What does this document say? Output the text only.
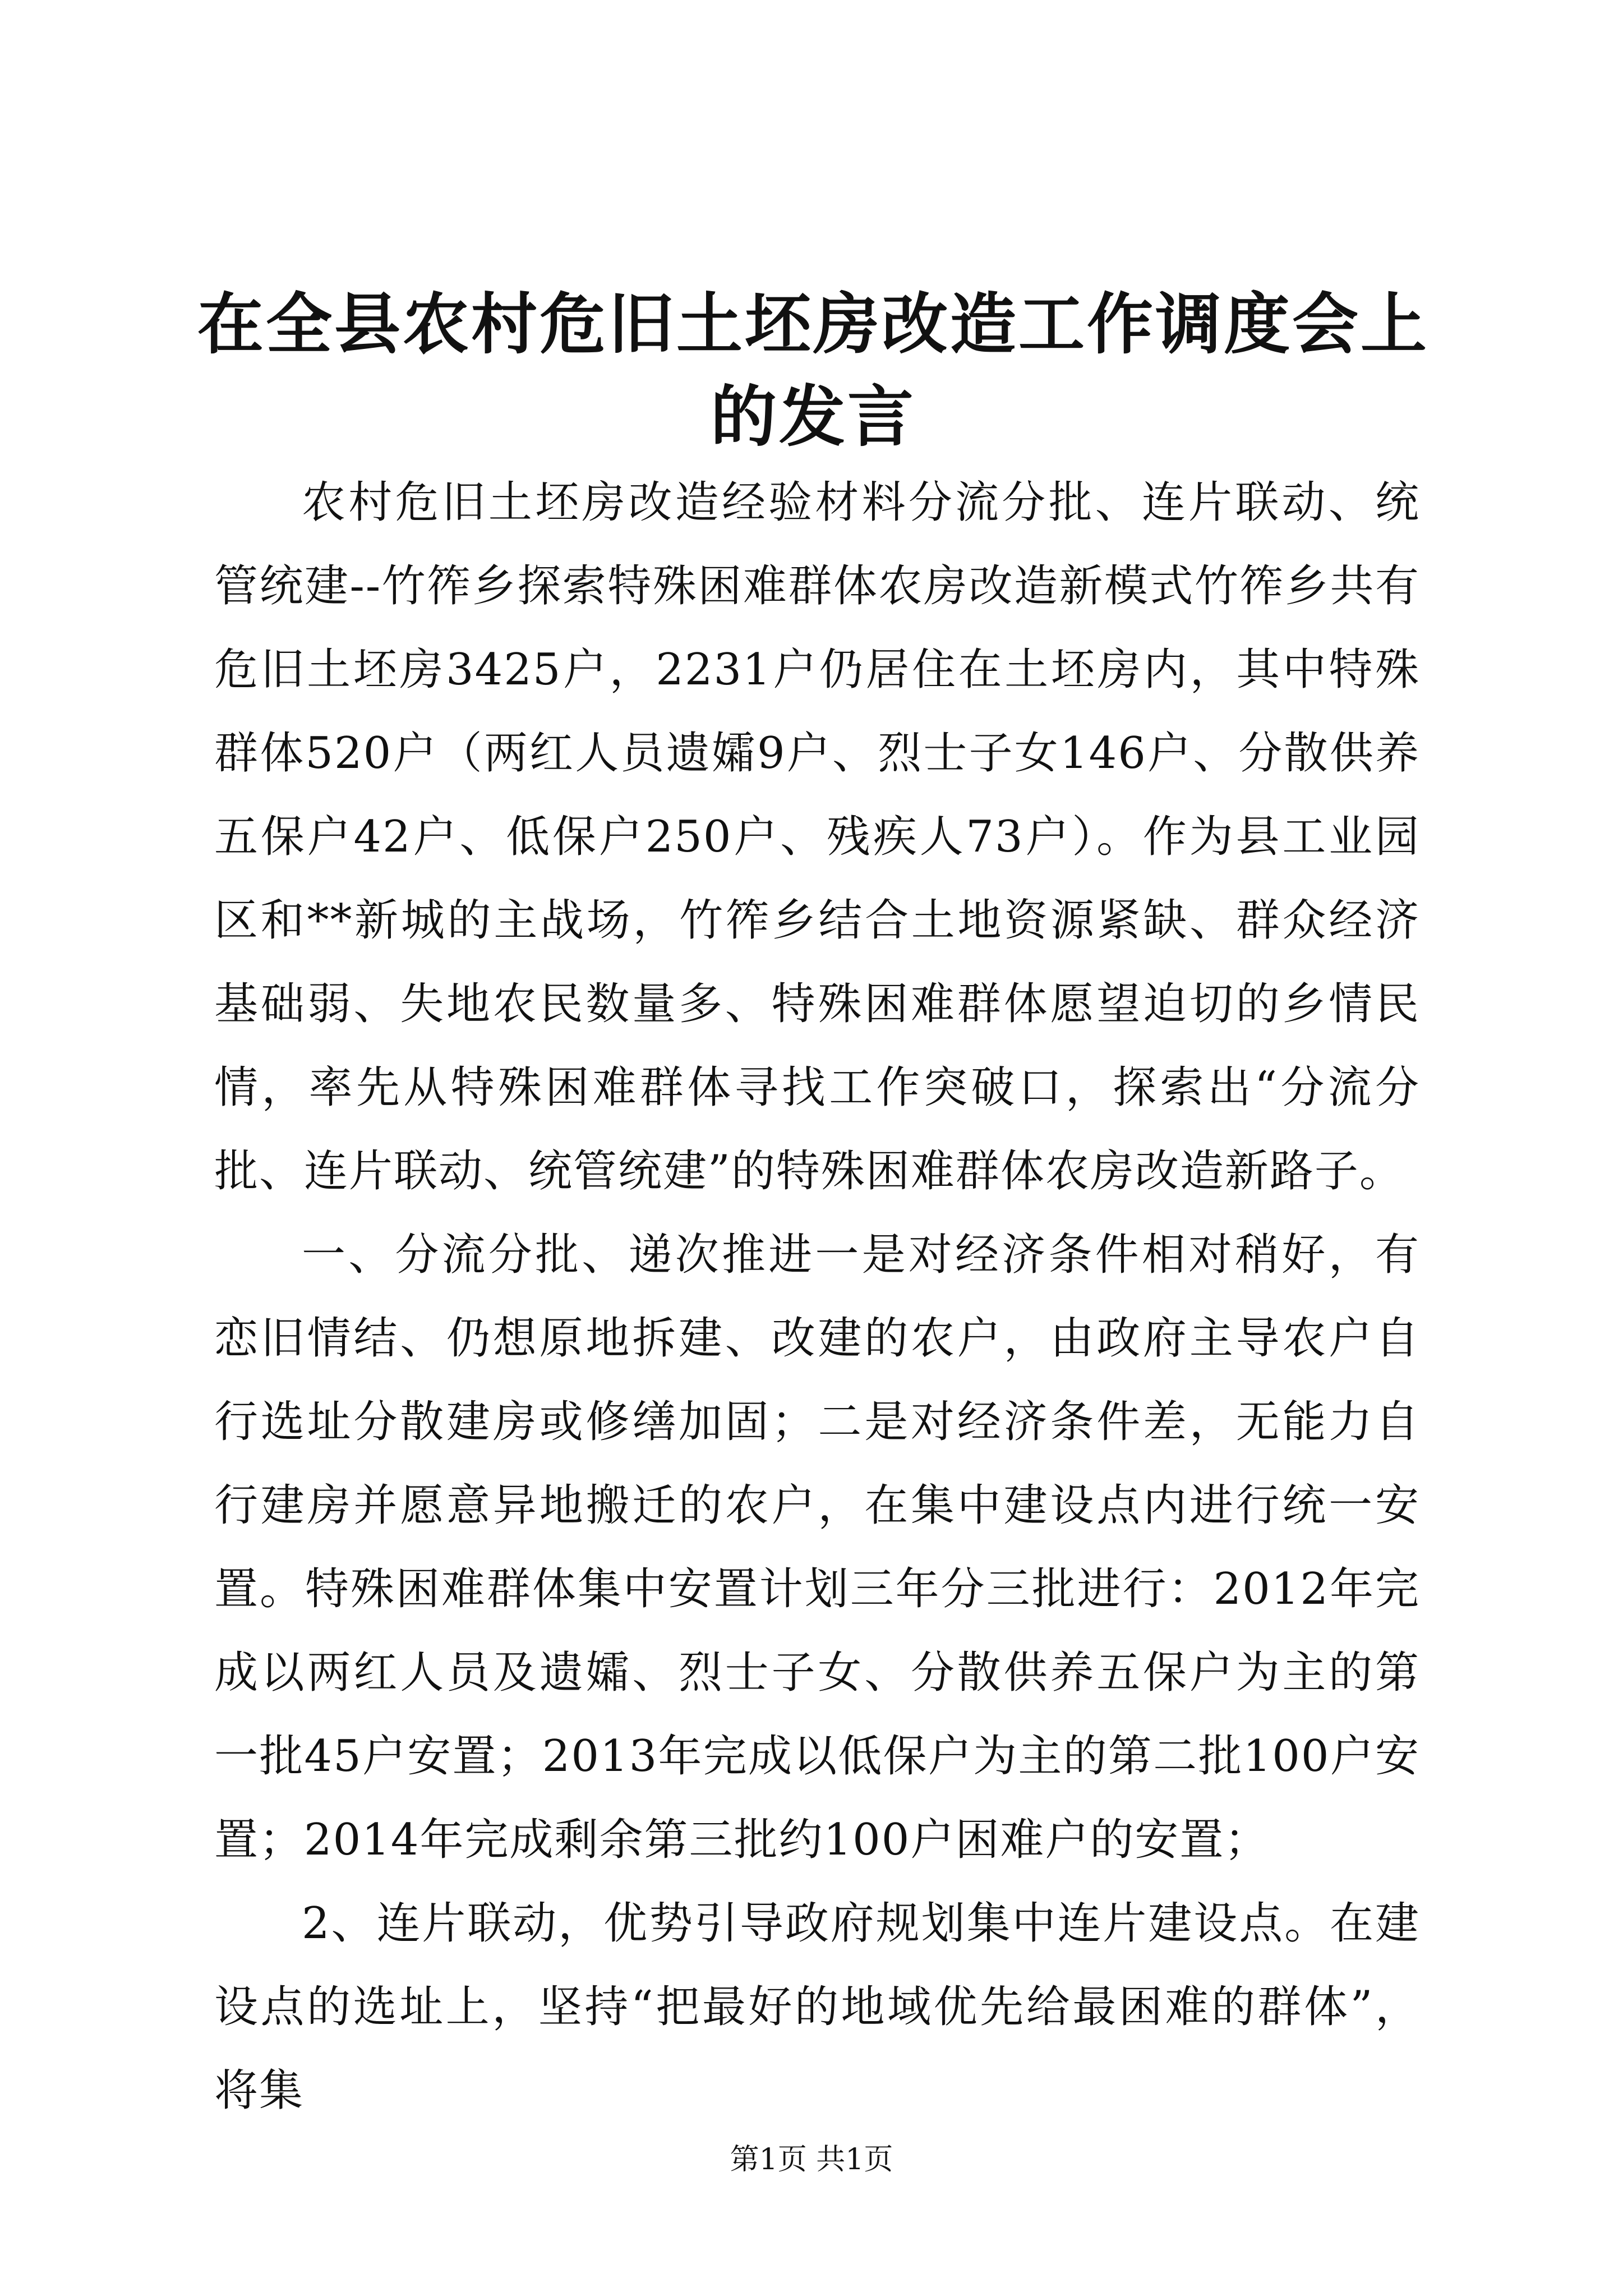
在全县农村危旧土坯房改造工作调度会上的发言

农村危旧土坯房改造经验材料分流分批、连片联动、统管统建--竹筰乡探索特殊困难群体农房改造新模式竹筰乡共有危旧土坯房3425户，2231户仍居住在土坯房内，其中特殊群体520户（两红人员遗孀9户、烈士子女146户、分散供养五保户42户、低保户250户、残疾人73户）。作为县工业园区和**新城的主战场，竹筰乡结合土地资源紧缺、群众经济基础弱、失地农民数量多、特殊困难群体愿望迫切的乡情民情，率先从特殊困难群体寻找工作突破口，探索出“分流分批、连片联动、统管统建”的特殊困难群体农房改造新路子。

一、分流分批、递次推进一是对经济条件相对稍好，有恋旧情结、仍想原地拆建、改建的农户，由政府主导农户自行选址分散建房或修缮加固；二是对经济条件差，无能力自行建房并愿意异地搬迁的农户，在集中建设点内进行统一安置。特殊困难群体集中安置计划三年分三批进行：2012年完成以两红人员及遗孀、烈士子女、分散供养五保户为主的第一批45户安置；2013年完成以低保户为主的第二批100户安置；2014年完成剩余第三批约100户困难户的安置；

2、连片联动，优势引导政府规划集中连片建设点。在建设点的选址上，坚持“把最好的地域优先给最困难的群体”，将集

第1页 共1页
